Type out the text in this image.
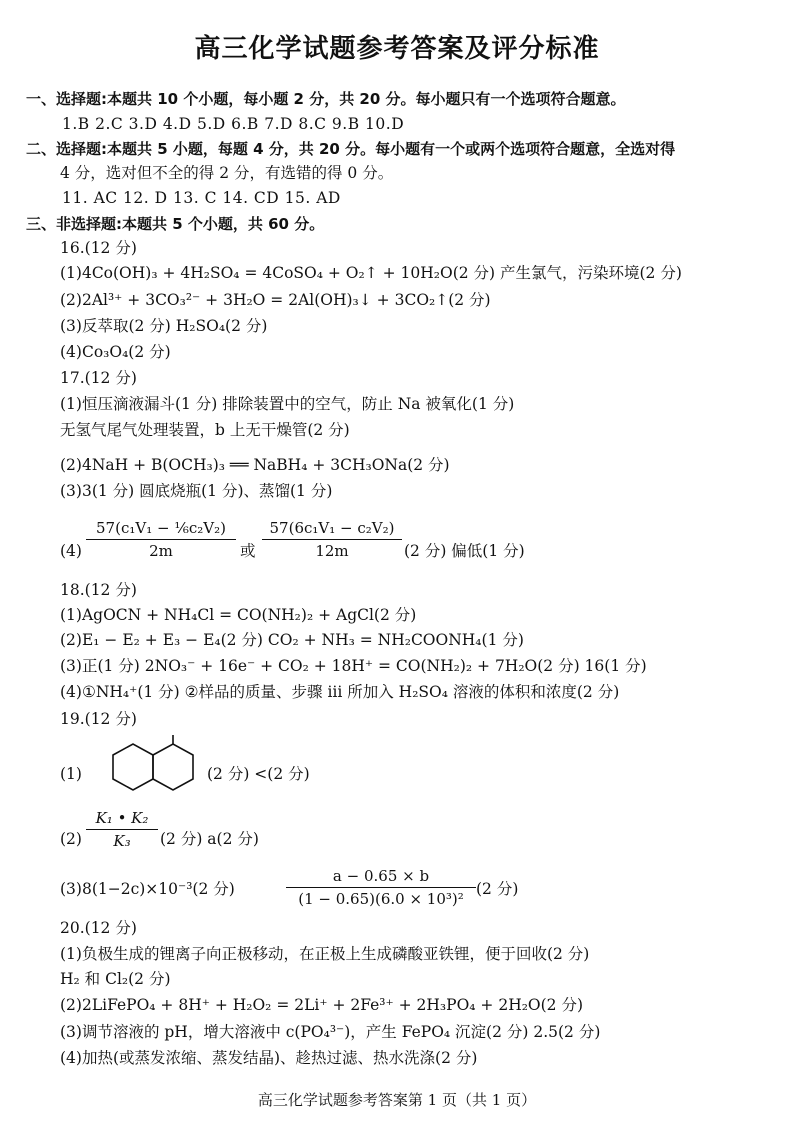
高三化学试题参考答案及评分标准
一、选择题:本题共 10 个小题，每小题 2 分，共 20 分。每小题只有一个选项符合题意。
1.B 2.C 3.D 4.D 5.D 6.B 7.D 8.C 9.B 10.D
二、选择题:本题共 5 小题，每题 4 分，共 20 分。每小题有一个或两个选项符合题意，全选对得
4 分，选对但不全的得 2 分，有选错的得 0 分。
11. AC 12. D 13. C 14. CD 15. AD
三、非选择题:本题共 5 个小题，共 60 分。
16.(12 分)
(1)4Co(OH)₃ + 4H₂SO₄ = 4CoSO₄ + O₂↑ + 10H₂O(2 分) 产生氯气，污染环境(2 分)
(2)2Al³⁺ + 3CO₃²⁻ + 3H₂O = 2Al(OH)₃↓ + 3CO₂↑(2 分)
(3)反萃取(2 分) H₂SO₄(2 分)
(4)Co₃O₄(2 分)
17.(12 分)
(1)恒压滴液漏斗(1 分) 排除装置中的空气，防止 Na 被氧化(1 分)
无氢气尾气处理装置，b 上无干燥管(2 分)
(2)4NaH + B(OCH₃)₃ ══ NaBH₄ + 3CH₃ONa(2 分)
(3)3(1 分) 圆底烧瓶(1 分)、蒸馏(1 分)
(4)
57(c₁V₁ − ⅙c₂V₂)
2m	或
57(6c₁V₁ − c₂V₂)
12m	(2 分) 偏低(1 分)
18.(12 分)
(1)AgOCN + NH₄Cl = CO(NH₂)₂ + AgCl(2 分)
(2)E₁ − E₂ + E₃ − E₄(2 分) CO₂ + NH₃ = NH₂COONH₄(1 分)
(3)正(1 分) 2NO₃⁻ + 16e⁻ + CO₂ + 18H⁺ = CO(NH₂)₂ + 7H₂O(2 分) 16(1 分)
(4)①NH₄⁺(1 分) ②样品的质量、步骤 ⅲ 所加入 H₂SO₄ 溶液的体积和浓度(2 分)
19.(12 分)
(1)	(2 分) <(2 分)
(2)
K₁ • K₂
K₃	(2 分) a(2 分)
(3)8(1−2c)×10⁻³(2 分)
a − 0.65 × b
(1 − 0.65)(6.0 × 10³)²
(2 分)
20.(12 分)
(1)负极生成的锂离子向正极移动，在正极上生成磷酸亚铁锂，便于回收(2 分)
H₂ 和 Cl₂(2 分)
(2)2LiFePO₄ + 8H⁺ + H₂O₂ = 2Li⁺ + 2Fe³⁺ + 2H₃PO₄ + 2H₂O(2 分)
(3)调节溶液的 pH，增大溶液中 c(PO₄³⁻)，产生 FePO₄ 沉淀(2 分) 2.5(2 分)
(4)加热(或蒸发浓缩、蒸发结晶)、趁热过滤、热水洗涤(2 分)
高三化学试题参考答案第 1 页（共 1 页）
